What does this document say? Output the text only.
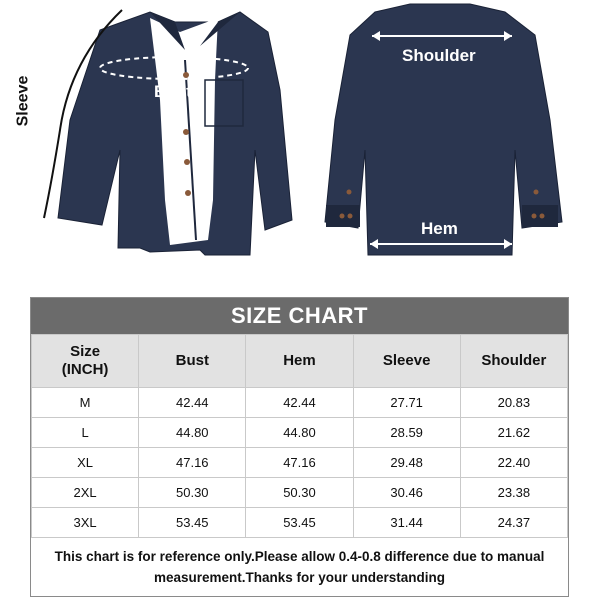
Sleeve	Bust
Shoulder
Hem
SIZE CHART
Size
(INCH)	Bust	Hem	Sleeve	Shoulder
M	42.44	42.44	27.71	20.83
L	44.80	44.80	28.59	21.62
XL	47.16	47.16	29.48	22.40
2XL	50.30	50.30	30.46	23.38
3XL	53.45	53.45	31.44	24.37
This chart is for reference only.Please allow 0.4-0.8 difference due to manual measurement.Thanks for your understanding
